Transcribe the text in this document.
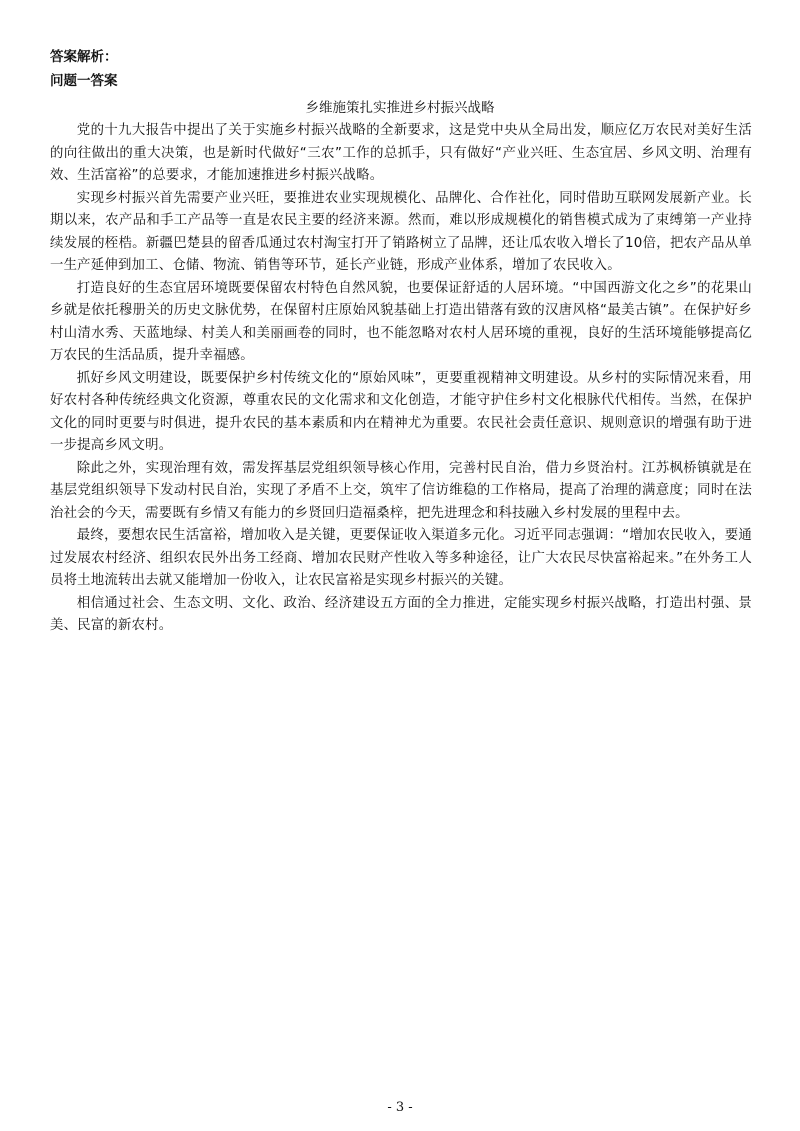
答案解析：
问题一答案
乡维施策扎实推进乡村振兴战略

党的十九大报告中提出了关于实施乡村振兴战略的全新要求，这是党中央从全局出发，顺应亿万农民对美好生活的向往做出的重大决策，也是新时代做好“三农”工作的总抓手，只有做好“产业兴旺、生态宜居、乡风文明、治理有效、生活富裕”的总要求，才能加速推进乡村振兴战略。

实现乡村振兴首先需要产业兴旺，要推进农业实现规模化、品牌化、合作社化，同时借助互联网发展新产业。长期以来，农产品和手工产品等一直是农民主要的经济来源。然而，难以形成规模化的销售模式成为了束缚第一产业持续发展的桎梏。新疆巴楚县的留香瓜通过农村淘宝打开了销路树立了品牌，还让瓜农收入增长了10倍，把农产品从单一生产延伸到加工、仓储、物流、销售等环节，延长产业链，形成产业体系，增加了农民收入。

打造良好的生态宜居环境既要保留农村特色自然风貌，也要保证舒适的人居环境。“中国西游文化之乡”的花果山乡就是依托穆册关的历史文脉优势，在保留村庄原始风貌基础上打造出错落有致的汉唐风格“最美古镇”。在保护好乡村山清水秀、天蓝地绿、村美人和美丽画卷的同时，也不能忽略对农村人居环境的重视，良好的生活环境能够提高亿万农民的生活品质，提升幸福感。

抓好乡风文明建设，既要保护乡村传统文化的“原始风味”，更要重视精神文明建设。从乡村的实际情况来看，用好农村各种传统经典文化资源，尊重农民的文化需求和文化创造，才能守护住乡村文化根脉代代相传。当然，在保护文化的同时更要与时俱进，提升农民的基本素质和内在精神尤为重要。农民社会责任意识、规则意识的增强有助于进一步提高乡风文明。

除此之外，实现治理有效，需发挥基层党组织领导核心作用，完善村民自治，借力乡贤治村。江苏枫桥镇就是在基层党组织领导下发动村民自治，实现了矛盾不上交，筑牢了信访维稳的工作格局，提高了治理的满意度；同时在法治社会的今天，需要既有乡情又有能力的乡贤回归造福桑梓，把先进理念和科技融入乡村发展的里程中去。

最终，要想农民生活富裕，增加收入是关键，更要保证收入渠道多元化。习近平同志强调：“增加农民收入，要通过发展农村经济、组织农民外出务工经商、增加农民财产性收入等多种途径，让广大农民尽快富裕起来。”在外务工人员将土地流转出去就又能增加一份收入，让农民富裕是实现乡村振兴的关键。

相信通过社会、生态文明、文化、政治、经济建设五方面的全力推进，定能实现乡村振兴战略，打造出村强、景美、民富的新农村。

- 3 -
